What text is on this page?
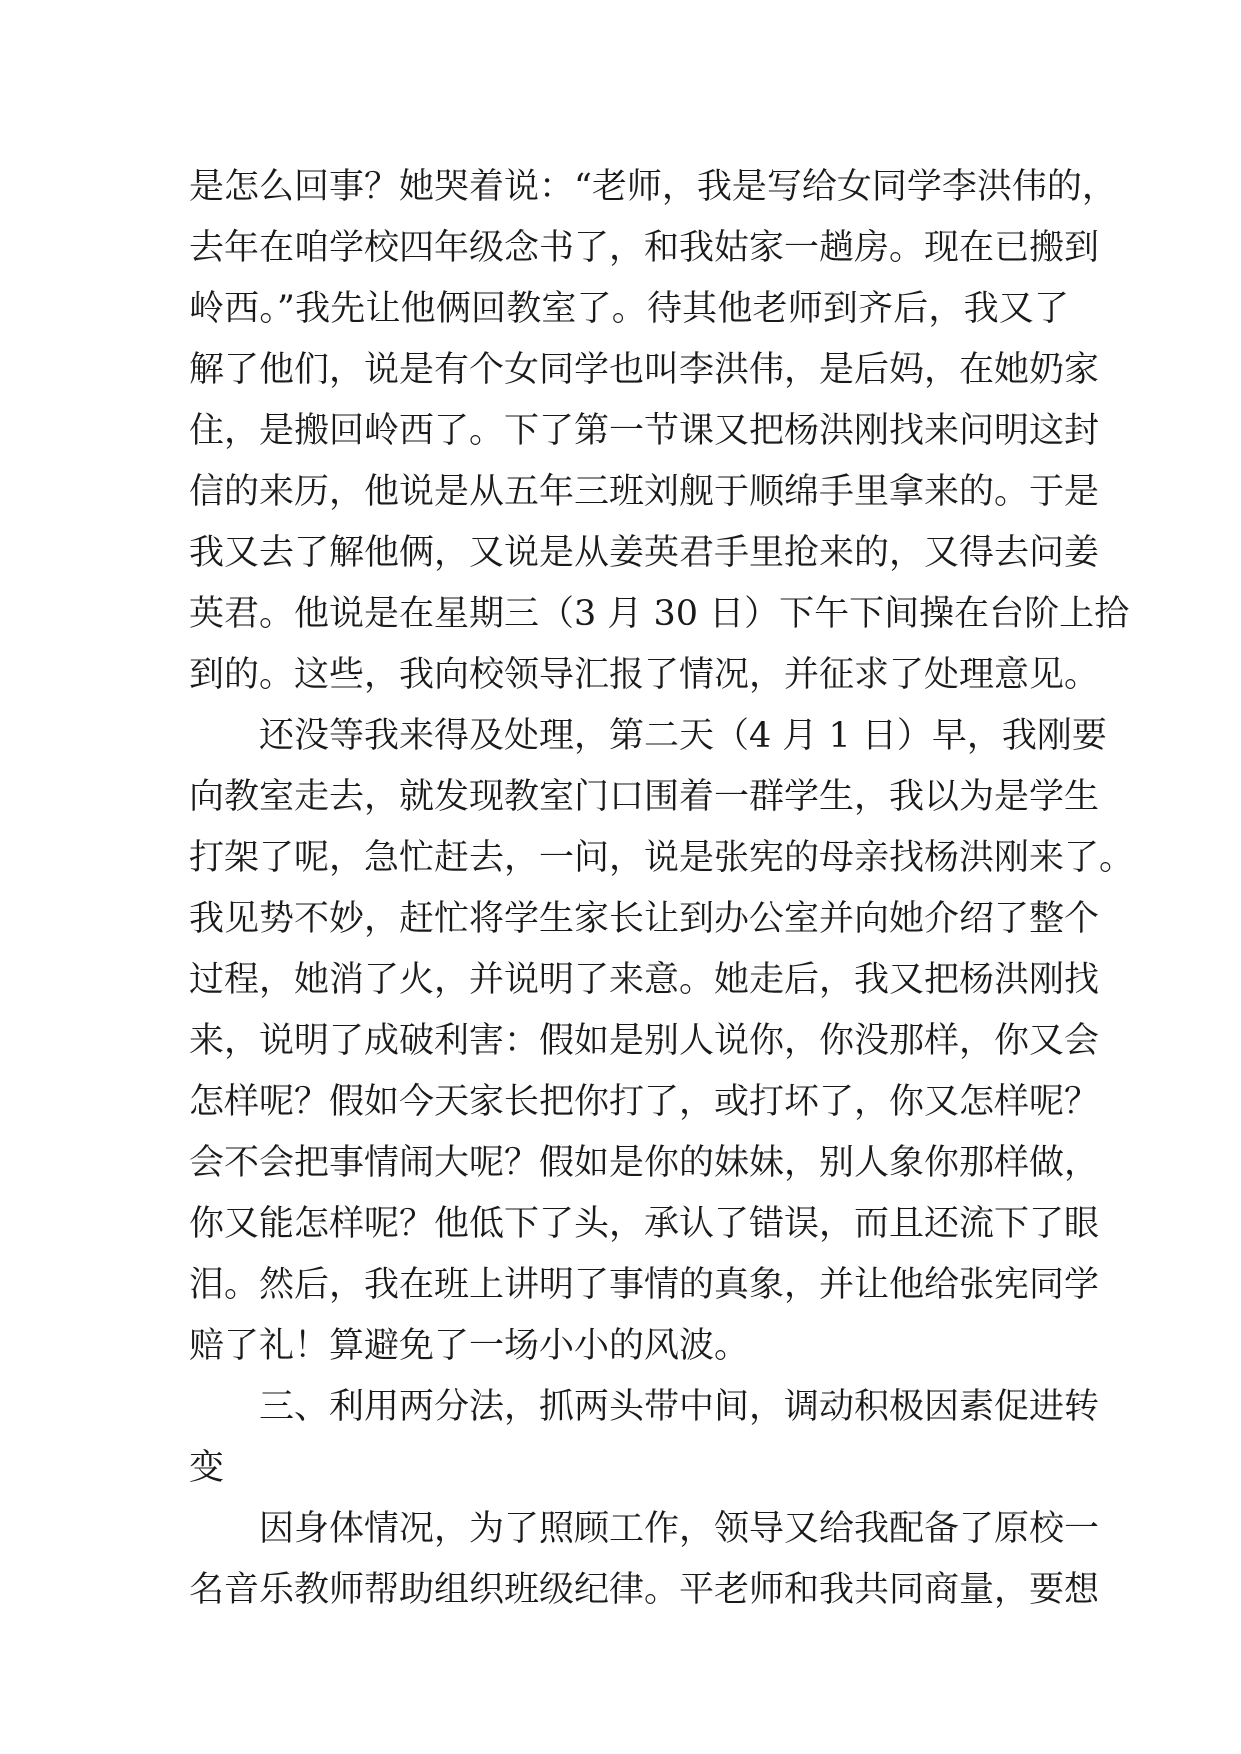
是怎么回事？她哭着说：“老师，我是写给女同学李洪伟的，
去年在咱学校四年级念书了，和我姑家一趟房。现在已搬到
岭西。”我先让他俩回教室了。待其他老师到齐后，我又了
解了他们，说是有个女同学也叫李洪伟，是后妈，在她奶家
住，是搬回岭西了。下了第一节课又把杨洪刚找来问明这封
信的来历，他说是从五年三班刘舰于顺绵手里拿来的。于是
我又去了解他俩，又说是从姜英君手里抢来的，又得去问姜
英君。他说是在星期三（3 月 30 日）下午下间操在台阶上拾
到的。这些，我向校领导汇报了情况，并征求了处理意见。
还没等我来得及处理，第二天（4 月 1 日）早，我刚要
向教室走去，就发现教室门口围着一群学生，我以为是学生
打架了呢，急忙赶去，一问，说是张宪的母亲找杨洪刚来了。
我见势不妙，赶忙将学生家长让到办公室并向她介绍了整个
过程，她消了火，并说明了来意。她走后，我又把杨洪刚找
来，说明了成破利害：假如是别人说你，你没那样，你又会
怎样呢？假如今天家长把你打了，或打坏了，你又怎样呢？
会不会把事情闹大呢？假如是你的妹妹，别人象你那样做，
你又能怎样呢？他低下了头，承认了错误，而且还流下了眼
泪。然后，我在班上讲明了事情的真象，并让他给张宪同学
赔了礼！算避免了一场小小的风波。
三、利用两分法，抓两头带中间，调动积极因素促进转
变
因身体情况，为了照顾工作，领导又给我配备了原校一
名音乐教师帮助组织班级纪律。平老师和我共同商量，要想
